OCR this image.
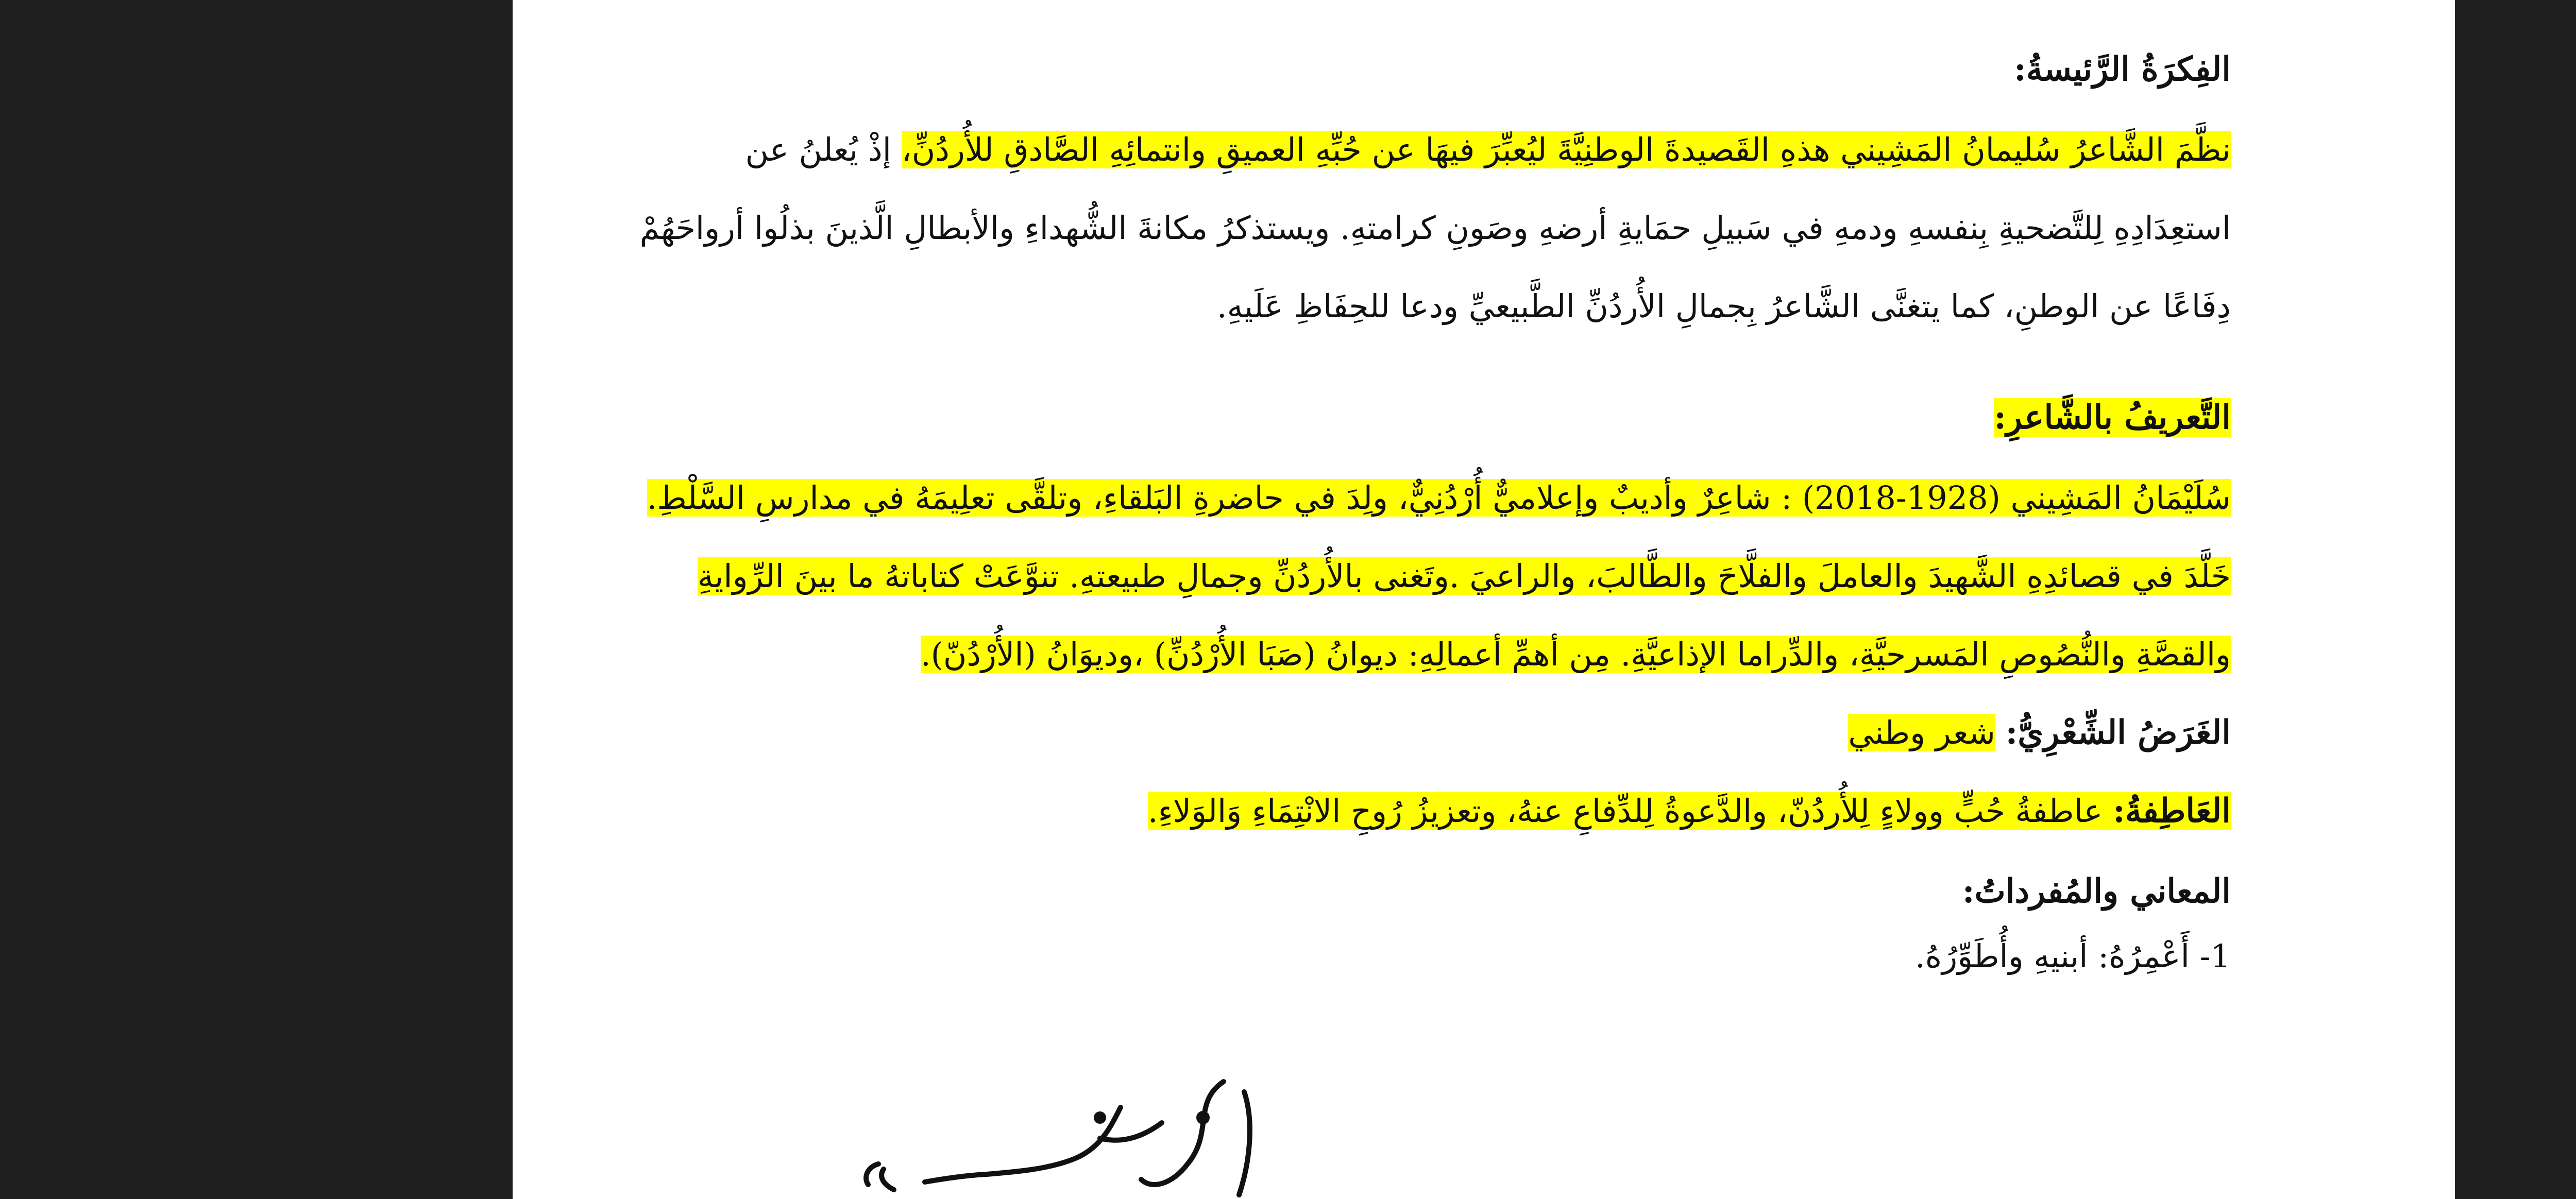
الفِكرَةُ الرَّئيسةُ:

نظَّمَ الشَّاعرُ سُليمانُ المَشِيني هذهِ القَصيدةَ الوطنِيَّةَ ليُعبِّرَ فيهَا عن حُبِّهِ العميقِ وانتمائِهِ الصَّادقِ للأُردُنِّ، إذْ يُعلنُ عن استعِدَادِهِ لِلتَّضحيةِ بِنفسهِ ودمهِ في سَبيلِ حمَايةِ أرضهِ وصَونِ كرامتهِ. ويستذكرُ مكانةَ الشُّهداءِ والأبطالِ الَّذينَ بذلُوا أرواحَهُمْ دِفَاعًا عن الوطنِ، كما يتغنَّى الشَّاعرُ بِجمالِ الأُردُنِّ الطَّبيعيِّ ودعا للحِفَاظِ عَلَيهِ.

التَّعريفُ بالشَّاعرِ:

سُلَيْمَانُ المَشِيني (1928-2018) : شاعِرٌ وأديبٌ وإعلاميٌّ أُرْدُنِيٌّ، ولِدَ في حاضرةِ البَلقاءِ، وتلقَّى تعلِيمَهُ في مدارسِ السَّلْطِ. خَلَّدَ في قصائدِهِ الشَّهيدَ والعاملَ والفلَّاحَ والطَّالبَ، والراعيَ .وتَغنى بالأُردُنِّ وجمالِ طبيعتهِ. تنوَّعَتْ كتاباتهُ ما بينَ الرِّوايةِ والقصَّةِ والنُّصُوصِ المَسرحيَّةِ، والدِّراما الإذاعيَّةِ. مِن أهمِّ أعمالِهِ: ديوانُ (صَبَا الأُرْدُنِّ) ،وديوَانُ (الأُرْدُنّ).

الغَرَضُ الشِّعْرِيُّ: شعر وطني

العَاطِفةُ: عاطفةُ حُبٍّ وولاءٍ لِلأُردُنّ، والدَّعوةُ لِلدِّفاعِ عنهُ، وتعزيزُ رُوحِ الانْتِمَاءِ وَالوَلاءِ.

المعاني والمُفرداتُ:

1- أَعْمِرُهُ: أبنيهِ وأُطَوِّرُهُ.
